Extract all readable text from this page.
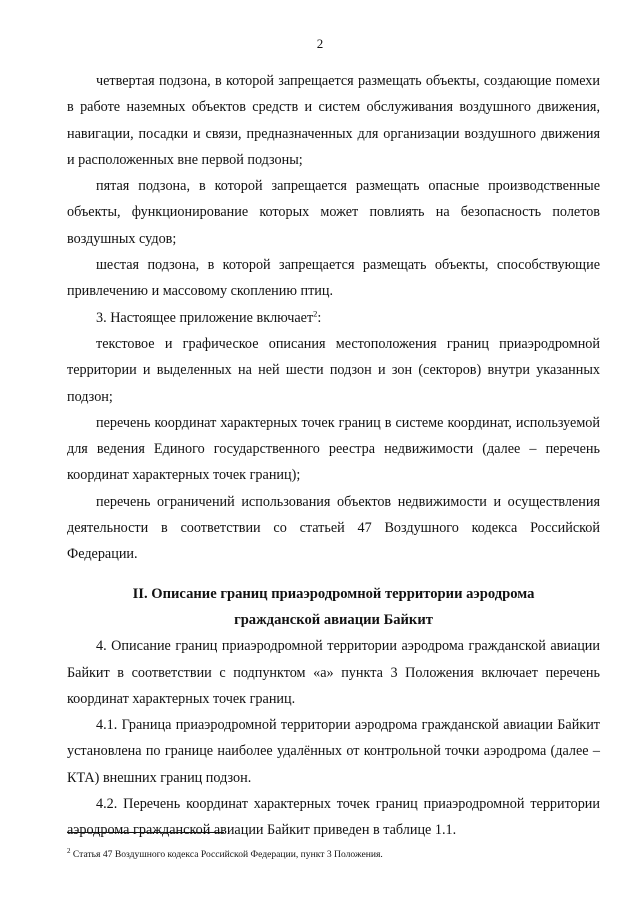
2

четвертая подзона, в которой запрещается размещать объекты, создающие помехи в работе наземных объектов средств и систем обслуживания воздушного движения, навигации, посадки и связи, предназначенных для организации воздушного движения и расположенных вне первой подзоны;

пятая подзона, в которой запрещается размещать опасные производственные объекты, функционирование которых может повлиять на безопасность полетов воздушных судов;

шестая подзона, в которой запрещается размещать объекты, способствующие привлечению и массовому скоплению птиц.

3. Настоящее приложение включает$^2$:

текстовое и графическое описания местоположения границ приаэродромной территории и выделенных на ней шести подзон и зон (секторов) внутри указанных подзон;

перечень координат характерных точек границ в системе координат, используемой для ведения Единого государственного реестра недвижимости (далее – перечень координат характерных точек границ);

перечень ограничений использования объектов недвижимости и осуществления деятельности в соответствии со статьей 47 Воздушного кодекса Российской Федерации.

II. Описание границ приаэродромной территории аэродрома

гражданской авиации Байкит

4. Описание границ приаэродромной территории аэродрома гражданской авиации Байкит в соответствии с подпунктом «а» пункта 3 Положения включает перечень координат характерных точек границ.

4.1. Граница приаэродромной территории аэродрома гражданской авиации Байкит установлена по границе наиболее удалённых от контрольной точки аэродрома (далее – КТА) внешних границ подзон.

4.2. Перечень координат характерных точек границ приаэродромной территории аэродрома гражданской авиации Байкит приведен в таблице 1.1.

$^2$ Статья 47 Воздушного кодекса Российской Федерации, пункт 3 Положения.
